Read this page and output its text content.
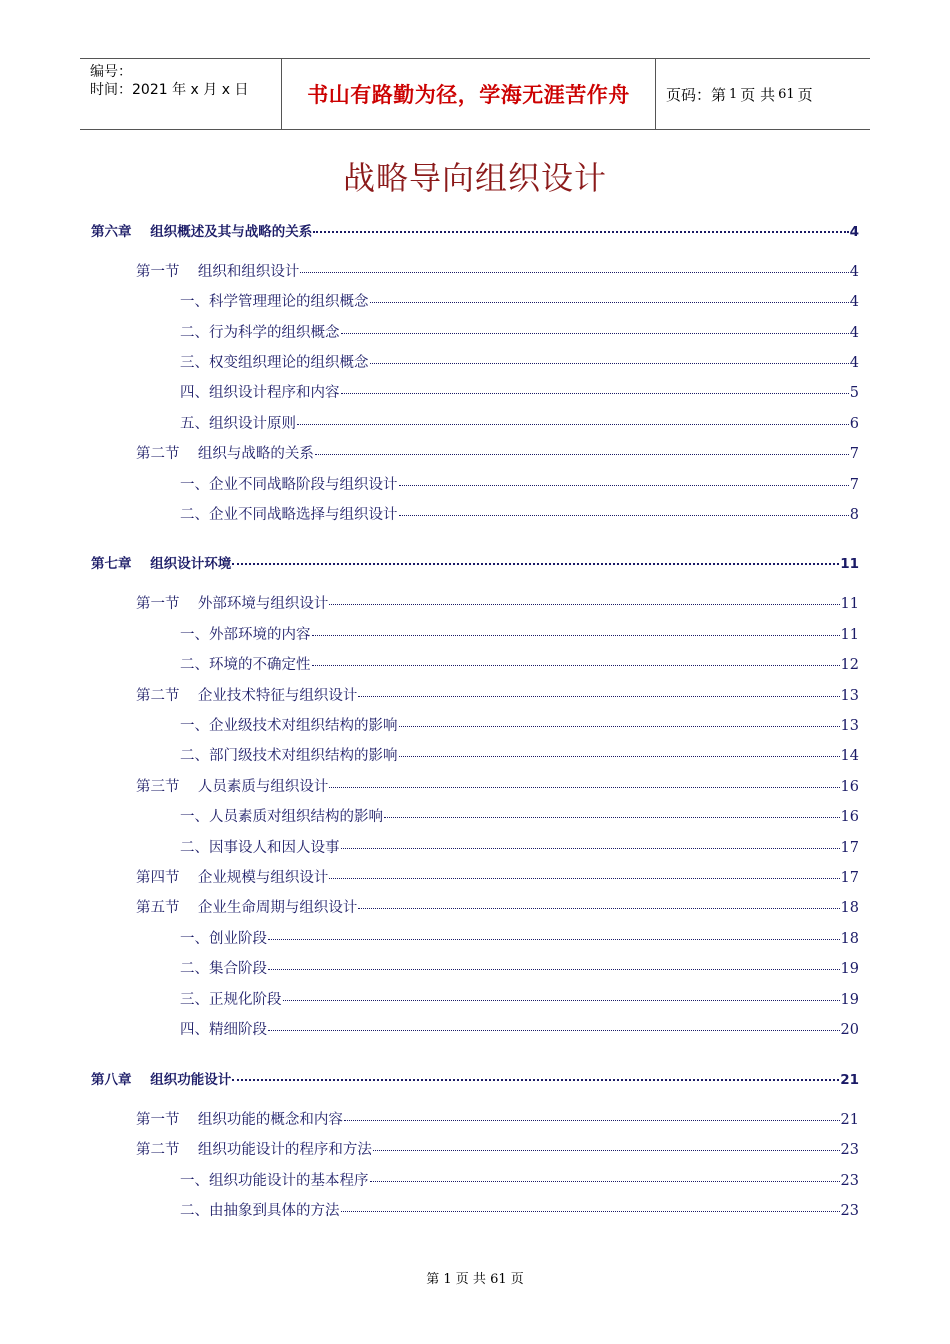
编号：
时间：2021 年 x 月 x 日	书山有路勤为径，学海无涯苦作舟	页码：第 1 页 共 61 页
战略导向组织设计
第六章    组织概述及其与战略的关系	4
第一节    组织和组织设计	4
一、科学管理理论的组织概念	4
二、行为科学的组织概念	4
三、权变组织理论的组织概念	4
四、组织设计程序和内容	5
五、组织设计原则	6
第二节    组织与战略的关系	7
一、企业不同战略阶段与组织设计	7
二、企业不同战略选择与组织设计	8
第七章    组织设计环境	11
第一节    外部环境与组织设计	11
一、外部环境的内容	11
二、环境的不确定性	12
第二节    企业技术特征与组织设计	13
一、企业级技术对组织结构的影响	13
二、部门级技术对组织结构的影响	14
第三节    人员素质与组织设计	16
一、人员素质对组织结构的影响	16
二、因事设人和因人设事	17
第四节    企业规模与组织设计	17
第五节    企业生命周期与组织设计	18
一、创业阶段	18
二、集合阶段	19
三、正规化阶段	19
四、精细阶段	20
第八章    组织功能设计	21
第一节    组织功能的概念和内容	21
第二节    组织功能设计的程序和方法	23
一、组织功能设计的基本程序	23
二、由抽象到具体的方法	23
第 1 页 共 61 页
